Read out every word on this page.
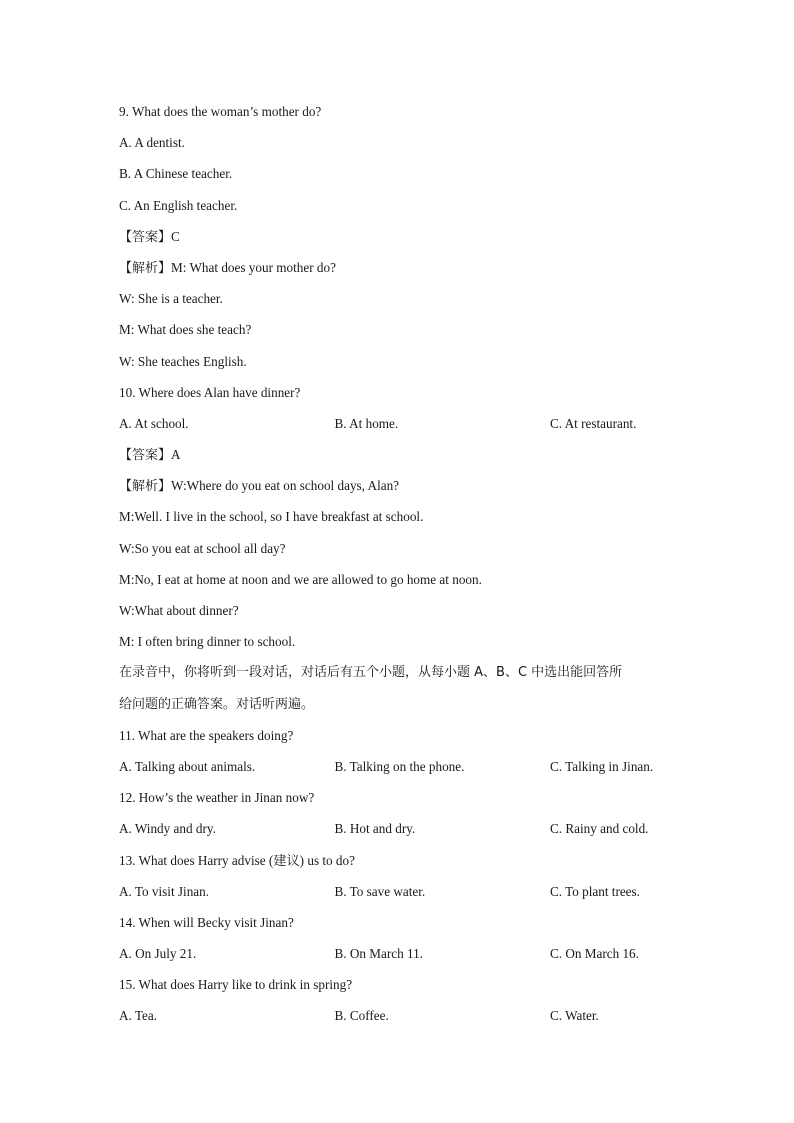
9. What does the woman’s mother do?
A. A dentist.
B. A Chinese teacher.
C. An English teacher.
【答案】C
【解析】M: What does your mother do?
W: She is a teacher.
M: What does she teach?
W: She teaches English.
10. Where does Alan have dinner?
A. At school.	B. At home.	C. At restaurant.
【答案】A
【解析】W:Where do you eat on school days, Alan?
M:Well. I live in the school, so I have breakfast at school.
W:So you eat at school all day?
M:No, I eat at home at noon and we are allowed to go home at noon.
W:What about dinner?
M: I often bring dinner to school.
在录音中，你将听到一段对话，对话后有五个小题，从每小题 A、B、C 中选出能回答所
给问题的正确答案。对话听两遍。
11. What are the speakers doing?
A. Talking about animals.	B. Talking on the phone.	C. Talking in Jinan.
12. How’s the weather in Jinan now?
A. Windy and dry.	B. Hot and dry.	C. Rainy and cold.
13. What does Harry advise (建议) us to do?
A. To visit Jinan.	B. To save water.	C. To plant trees.
14. When will Becky visit Jinan?
A. On July 21.	B. On March 11.	C. On March 16.
15. What does Harry like to drink in spring?
A. Tea.	B. Coffee.	C. Water.
